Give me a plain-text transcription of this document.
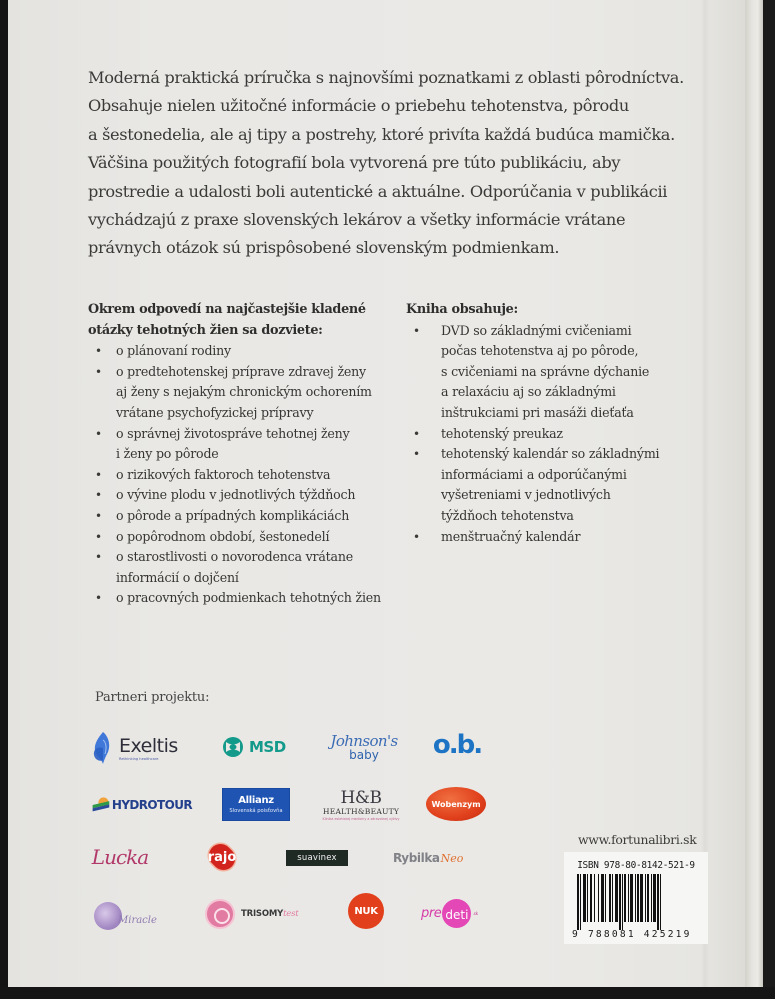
Moderná praktická príručka s najnovšími poznatkami z oblasti pôrodníctva.
Obsahuje nielen užitočné informácie o priebehu tehotenstva, pôrodu
a šestonedelia, ale aj tipy a postrehy, ktoré privíta každá budúca mamička.
Väčšina použitých fotografií bola vytvorená pre túto publikáciu, aby
prostredie a udalosti boli autentické a aktuálne. Odporúčania v publikácii
vychádzajú z praxe slovenských lekárov a všetky informácie vrátane
právnych otázok sú prispôsobené slovenským podmienkam.
Okrem odpovedí na najčastejšie kladené
otázky tehotných žien sa dozviete:
• o plánovaní rodiny
• o predtehotenskej príprave zdravej ženy
aj ženy s nejakým chronickým ochorením
vrátane psychofyzickej prípravy
• o správnej životospráve tehotnej ženy
i ženy po pôrode
• o rizikových faktoroch tehotenstva
• o vývine plodu v jednotlivých týždňoch
• o pôrode a prípadných komplikáciách
• o popôrodnom období, šestonedelí
• o starostlivosti o novorodenca vrátane
informácií o dojčení
• o pracovných podmienkach tehotných žien
Kniha obsahuje:
• DVD so základnými cvičeniami
počas tehotenstva aj po pôrode,
s cvičeniami na správne dýchanie
a relaxáciu aj so základnými
inštrukciami pri masáži dieťaťa
• tehotenský preukaz
• tehotenský kalendár so základnými
informáciami a odporúčanými
vyšetreniami v jednotlivých
týždňoch tehotenstva
• menštruačný kalendár
Partneri projektu:
Exeltis
Rethinking healthcare
MSD	Johnson's
baby o.b.
HYDROTOUR	Allianz
Slovenská poisťovňa
H&B
HEALTH&BEAUTY
Klinika estetickej medicíny a zdravotnej výživy
Wobenzym
Lucka	rajo	suavinex	Rybilka Neo
Miracle
TRISOMYtest	NUK	pre deti	.sk
www.fortunalibri.sk
ISBN 978-80-8142-521-9
9 788081 425219
